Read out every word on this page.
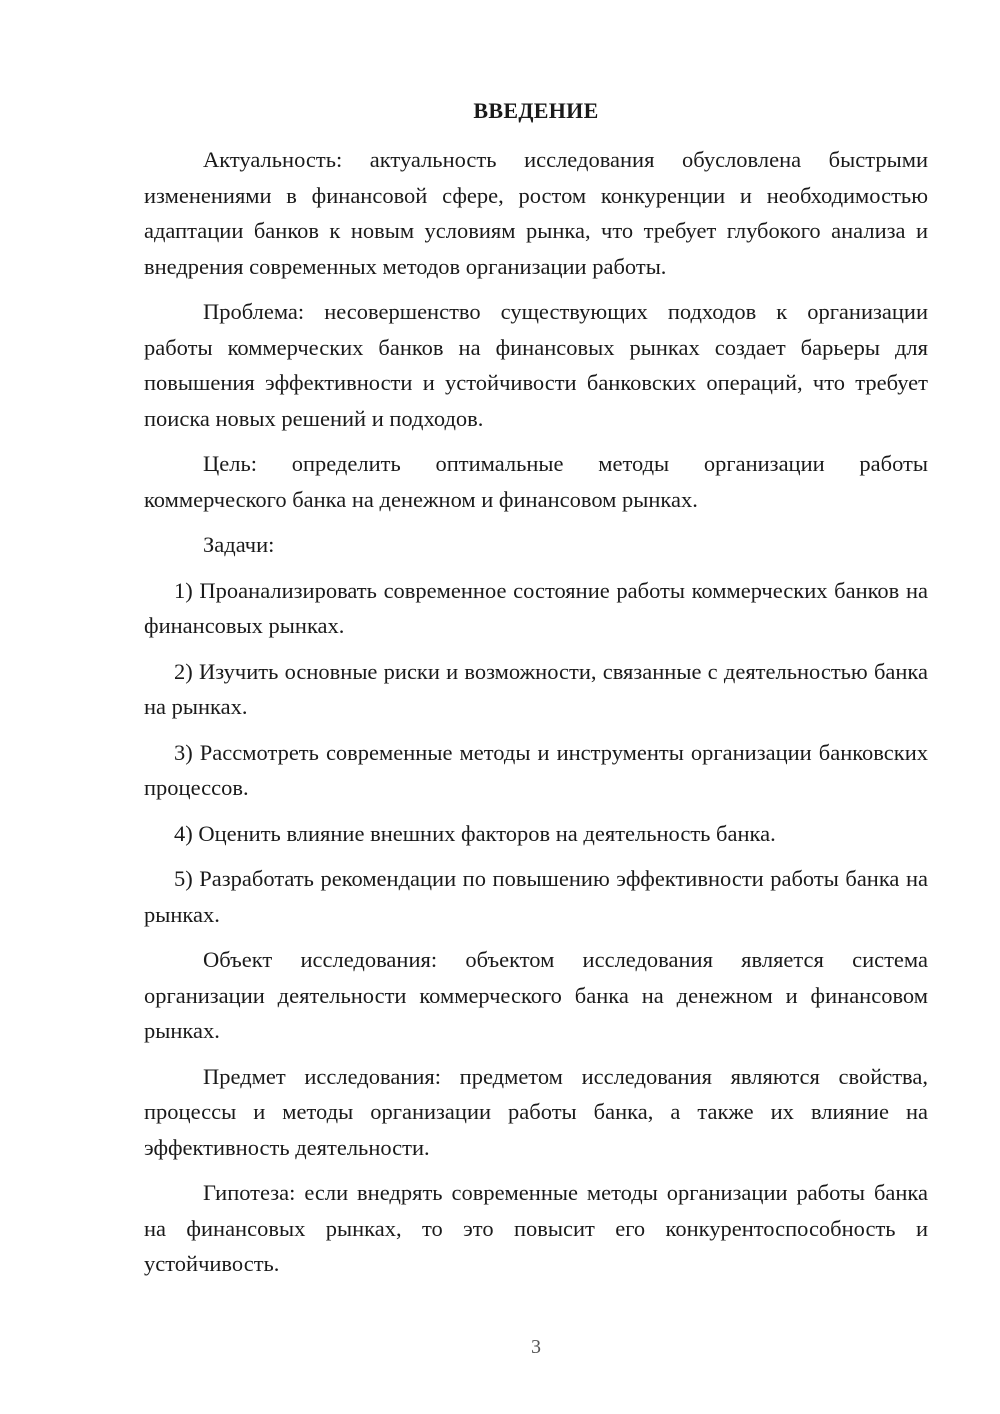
ВВЕДЕНИЕ

Актуальность: актуальность исследования обусловлена быстрыми изменениями в финансовой сфере, ростом конкуренции и необходимостью адаптации банков к новым условиям рынка, что требует глубокого анализа и внедрения современных методов организации работы.

Проблема: несовершенство существующих подходов к организации работы коммерческих банков на финансовых рынках создает барьеры для повышения эффективности и устойчивости банковских операций, что требует поиска новых решений и подходов.

Цель: определить оптимальные методы организации работы коммерческого банка на денежном и финансовом рынках.

Задачи:

1) Проанализировать современное состояние работы коммерческих банков на финансовых рынках.

2) Изучить основные риски и возможности, связанные с деятельностью банка на рынках.

3) Рассмотреть современные методы и инструменты организации банковских процессов.

4) Оценить влияние внешних факторов на деятельность банка.

5) Разработать рекомендации по повышению эффективности работы банка на рынках.

Объект исследования: объектом исследования является система организации деятельности коммерческого банка на денежном и финансовом рынках.

Предмет исследования: предметом исследования являются свойства, процессы и методы организации работы банка, а также их влияние на эффективность деятельности.

Гипотеза: если внедрять современные методы организации работы банка на финансовых рынках, то это повысит его конкурентоспособность и устойчивость.

3
